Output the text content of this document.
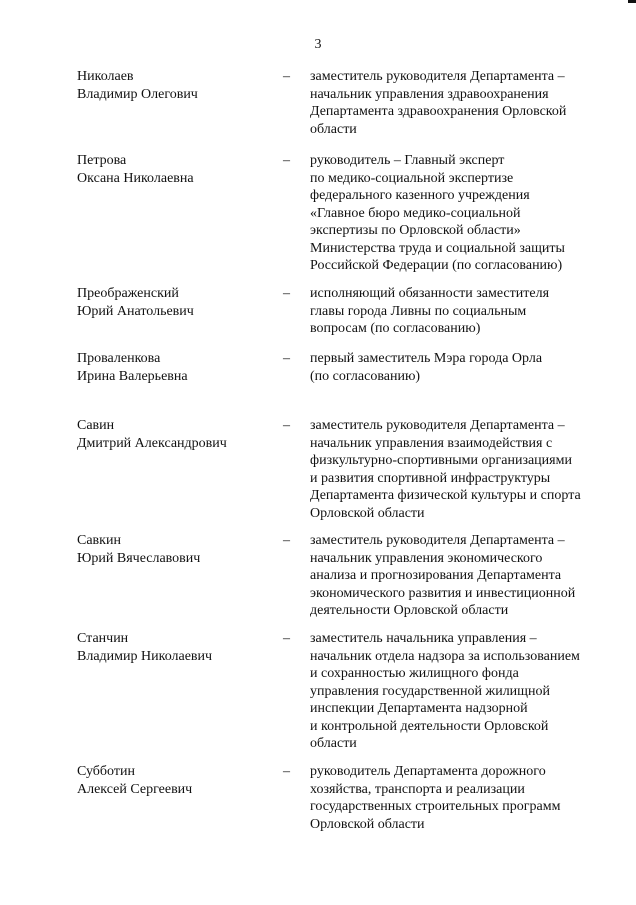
3
Николаев
Владимир Олегович
– заместитель руководителя Департамента –
начальник управления здравоохранения
Департамента здравоохранения Орловской
области
Петрова
Оксана Николаевна
– руководитель – Главный эксперт
по медико-социальной экспертизе
федерального казенного учреждения
«Главное бюро медико-социальной
экспертизы по Орловской области»
Министерства труда и социальной защиты
Российской Федерации (по согласованию)
Преображенский
Юрий Анатольевич
– исполняющий обязанности заместителя
главы города Ливны по социальным
вопросам (по согласованию)
Проваленкова
Ирина Валерьевна
– первый заместитель Мэра города Орла
(по согласованию)
Савин
Дмитрий Александрович
– заместитель руководителя Департамента –
начальник управления взаимодействия с
физкультурно-спортивными организациями
и развития спортивной инфраструктуры
Департамента физической культуры и спорта
Орловской области
Савкин
Юрий Вячеславович
– заместитель руководителя Департамента –
начальник управления экономического
анализа и прогнозирования Департамента
экономического развития и инвестиционной
деятельности Орловской области
Станчин
Владимир Николаевич
– заместитель начальника управления –
начальник отдела надзора за использованием
и сохранностью жилищного фонда
управления государственной жилищной
инспекции Департамента надзорной
и контрольной деятельности Орловской
области
Субботин
Алексей Сергеевич
– руководитель Департамента дорожного
хозяйства, транспорта и реализации
государственных строительных программ
Орловской области
